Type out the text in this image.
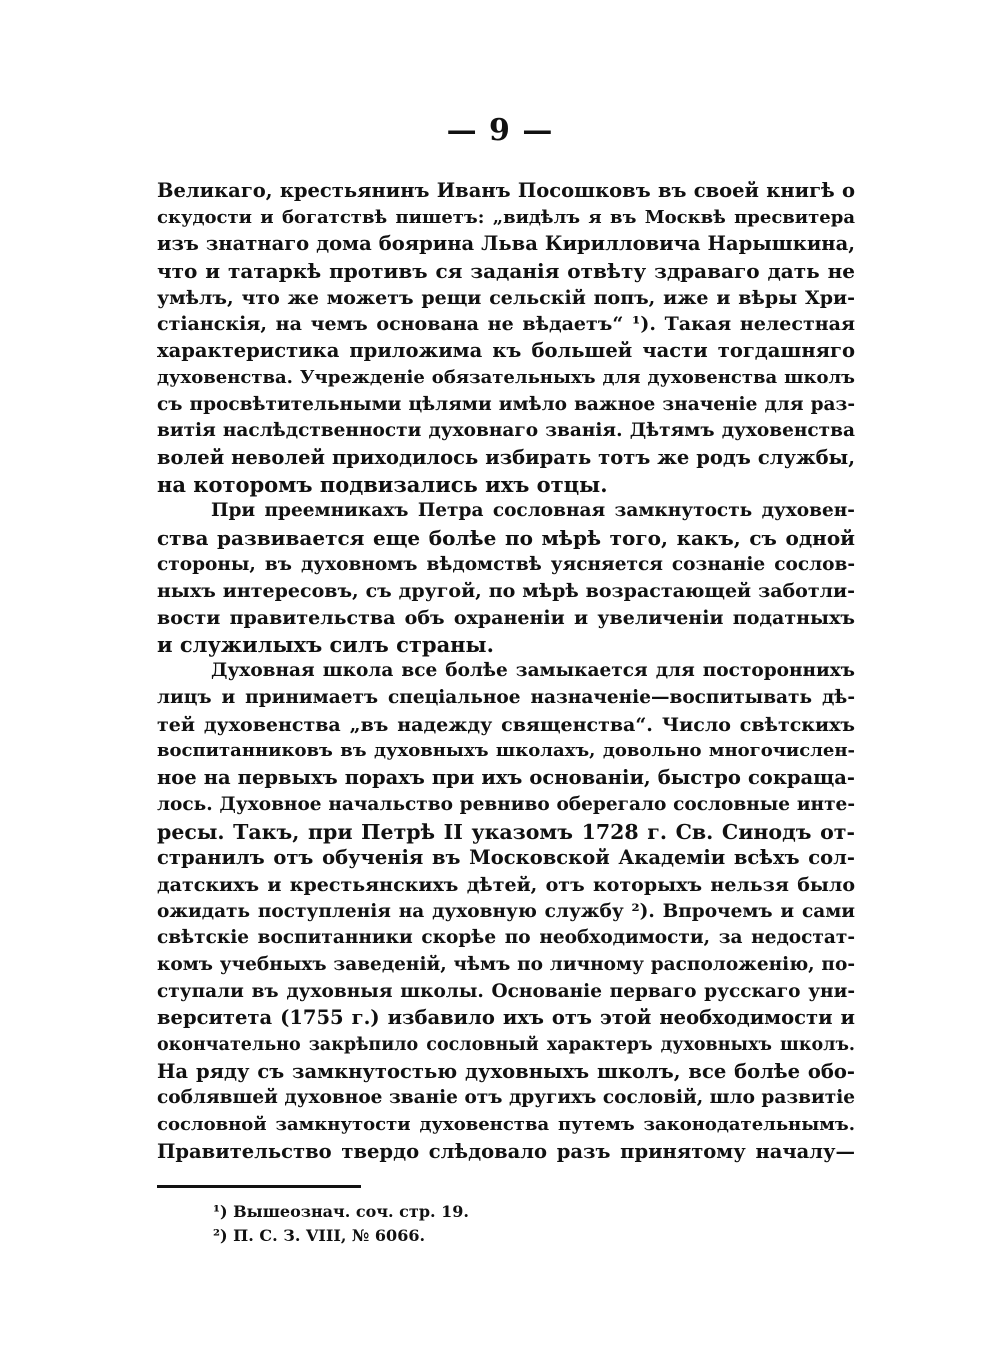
— 9 —
Великаго, крестьянинъ Иванъ Посошковъ въ своей книгѣ о
скудости и богатствѣ пишетъ: „видѣлъ я въ Москвѣ пресвитера
изъ знатнаго дома боярина Льва Кирилловича Нарышкина,
что и татаркѣ противъ ся заданія отвѣту здраваго дать не
умѣлъ, что же можетъ рещи сельскій попъ, иже и вѣры Хри-
стіанскія, на чемъ основана не вѣдаетъ“ ¹). Такая нелестная
характеристика приложима къ большей части тогдашняго
духовенства. Учрежденіе обязательныхъ для духовенства школъ
съ просвѣтительными цѣлями имѣло важное значеніе для раз-
витія наслѣдственности духовнаго званія. Дѣтямъ духовенства
волей неволей приходилось избирать тотъ же родъ службы,
на которомъ подвизались ихъ отцы.
При преемникахъ Петра сословная замкнутость духовен-
ства развивается еще болѣе по мѣрѣ того, какъ, съ одной
стороны, въ духовномъ вѣдомствѣ уясняется сознаніе сослов-
ныхъ интересовъ, съ другой, по мѣрѣ возрастающей заботли-
вости правительства объ охраненіи и увеличеніи податныхъ
и служилыхъ силъ страны.
Духовная школа все болѣе замыкается для постороннихъ
лицъ и принимаетъ спеціальное назначеніе—воспитывать дѣ-
тей духовенства „въ надежду священства“. Число свѣтскихъ
воспитанниковъ въ духовныхъ школахъ, довольно многочислен-
ное на первыхъ порахъ при ихъ основаніи, быстро сокраща-
лось. Духовное начальство ревниво оберегало сословные инте-
ресы. Такъ, при Петрѣ II указомъ 1728 г. Св. Синодъ от-
странилъ отъ обученія въ Московской Академіи всѣхъ сол-
датскихъ и крестьянскихъ дѣтей, отъ которыхъ нельзя было
ожидать поступленія на духовную службу ²). Впрочемъ и сами
свѣтскіе воспитанники скорѣе по необходимости, за недостат-
комъ учебныхъ заведеній, чѣмъ по личному расположенію, по-
ступали въ духовныя школы. Основаніе перваго русскаго уни-
верситета (1755 г.) избавило ихъ отъ этой необходимости и
окончательно закрѣпило сословный характеръ духовныхъ школъ.
На ряду съ замкнутостью духовныхъ школъ, все болѣе обо-
соблявшей духовное званіе отъ другихъ сословій, шло развитіе
сословной замкнутости духовенства путемъ законодательнымъ.
Правительство твердо слѣдовало разъ принятому началу—
¹) Вышеознач. соч. стр. 19.
²) П. С. З. VIII, № 6066.
